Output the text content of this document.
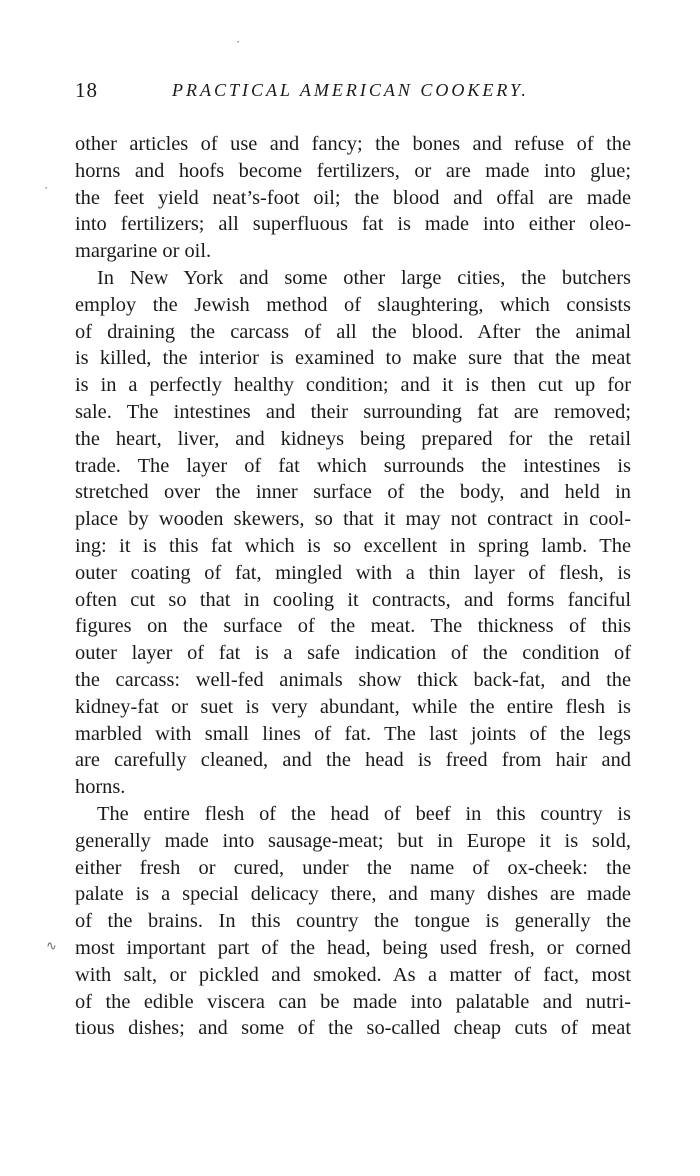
18	PRACTICAL AMERICAN COOKERY.
·
·
∿
other articles of use and fancy; the bones and refuse of the
horns and hoofs become fertilizers, or are made into glue;
the feet yield neat’s-foot oil; the blood and offal are made
into fertilizers; all superfluous fat is made into either oleo-
margarine or oil.
In New York and some other large cities, the butchers
employ the Jewish method of slaughtering, which consists
of draining the carcass of all the blood. After the animal
is killed, the interior is examined to make sure that the meat
is in a perfectly healthy condition; and it is then cut up for
sale. The intestines and their surrounding fat are removed;
the heart, liver, and kidneys being prepared for the retail
trade. The layer of fat which surrounds the intestines is
stretched over the inner surface of the body, and held in
place by wooden skewers, so that it may not contract in cool-
ing: it is this fat which is so excellent in spring lamb. The
outer coating of fat, mingled with a thin layer of flesh, is
often cut so that in cooling it contracts, and forms fanciful
figures on the surface of the meat. The thickness of this
outer layer of fat is a safe indication of the condition of
the carcass: well-fed animals show thick back-fat, and the
kidney-fat or suet is very abundant, while the entire flesh is
marbled with small lines of fat. The last joints of the legs
are carefully cleaned, and the head is freed from hair and
horns.
The entire flesh of the head of beef in this country is
generally made into sausage-meat; but in Europe it is sold,
either fresh or cured, under the name of ox-cheek: the
palate is a special delicacy there, and many dishes are made
of the brains. In this country the tongue is generally the
most important part of the head, being used fresh, or corned
with salt, or pickled and smoked. As a matter of fact, most
of the edible viscera can be made into palatable and nutri-
tious dishes; and some of the so-called cheap cuts of meat
